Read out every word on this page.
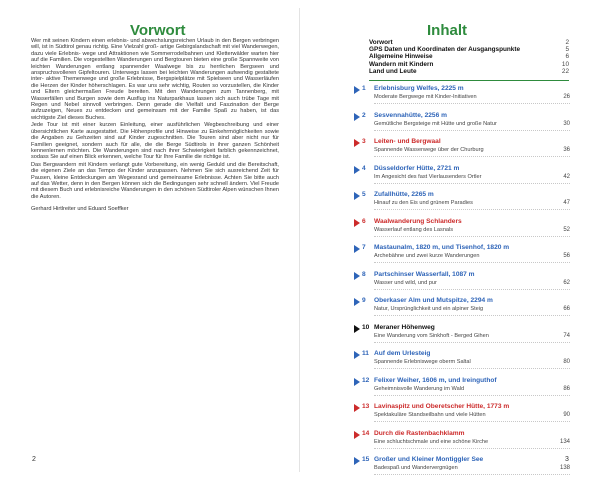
Vorwort

Wer mit seinen Kindern einen erlebnis- und abwechslungsreichen Urlaub in den Bergen verbringen will, ist in Südtirol genau richtig. Eine Vielzahl groß- artige Gebirgslandschaft mit viel Wanderwegen, dazu viele Erlebnis- wege und Attraktionen wie Sommerrodelbahnen und Kletterwälder warten hier auf die Familien. Die vorgestellten Wanderungen und Bergtouren bieten eine große Spannweite von leichten Wanderungen entlang spannender Waalwege bis zu herrlichen Bergseen und anspruchsvolleren Gipfeltouren. Unterwegs lassen bei leichten Wanderungen aufwendig gestaltete inter- aktive Themenwege und große Erlebnisse, Bergspielplätze mit Spielseen und Wasserläufen die Herzen der Kinder höherschlagen. Es war uns sehr wichtig, Routen so vorzustellen, die Kinder und Eltern gleichermaßen Freude bereiten. Mit den Wanderungen zum Tannenberg, mit Wasserfällen und Burgen sowie dem Ausflug ins Naturparkhaus lassen sich auch trübe Tage mit Regen und Nebel sinnvoll verbringen. Denn gerade die Vielfalt und Faszination der Berge aufzuzeigen, Neues zu entdecken und gemeinsam mit der Familie Spaß zu haben, ist das wichtigste Ziel dieses Buches.

Jede Tour ist mit einer kurzen Einleitung, einer ausführlichen Wegbeschreibung und einer übersichtlichen Karte ausgestattet. Die Höhenprofile und Hinweise zu Einkehrmöglichkeiten sowie die Angaben zu Gehzeiten sind auf Kinder zugeschnitten. Die Touren sind aber nicht nur für Familien geeignet, sondern auch für alle, die die Berge Südtirols in ihrer ganzen Schönheit kennenlernen möchten. Die Wanderungen sind nach ihrer Schwierigkeit farblich gekennzeichnet, sodass Sie auf einen Blick erkennen, welche Tour für Ihre Familie die richtige ist.

Das Bergwandern mit Kindern verlangt gute Vorbereitung, ein wenig Geduld und die Bereitschaft, die eigenen Ziele an das Tempo der Kinder anzupassen. Nehmen Sie sich ausreichend Zeit für Pausen, kleine Entdeckungen am Wegesrand und gemeinsame Erlebnisse. Achten Sie bitte auch auf das Wetter, denn in den Bergen können sich die Bedingungen sehr schnell ändern. Viel Freude mit diesem Buch und erlebnisreiche Wanderungen in den schönen Südtiroler Alpen wünschen Ihnen die Autoren.

Gerhard Hirtlreiter und Eduard Soeffker

2
Inhalt
Vorwort	2
GPS Daten und Koordinaten der Ausgangspunkte	5
Allgemeine Hinweise	6
Wandern mit Kindern	10
Land und Leute	22
1	Erlebnisburg Welfes, 2225 m
Moderate Bergwege mit Kinder-Initiativen	26
2	Sesvennahütte, 2256 m
Gemütliche Bergsteige mit Hütte und große Natur	30
3	Leiten- und Bergwaal
Spannende Wasserwege über der Churburg	36
4	Düsseldorfer Hütte, 2721 m
Im Angesicht des fast Vierlausenders Ortler	42
5	Zufallhütte, 2265 m
Hinauf zu den Eis und grünem Paradies	47
6	Waalwanderung Schlanders
Wasserlauf entlang des Lasnals	52
7	Mastaunalm, 1820 m, und Tisenhof, 1820 m
Archebähne und zwei kurze Wanderungen	56
8	Partschinser Wasserfall, 1087 m
Wasser und wild, und pur	62
9	Oberkaser Alm und Mutspitze, 2294 m
Natur, Ursprünglichkeit und ein alpiner Steig	66
10 Meraner Höhenweg
Eine Wanderung vom Sinkhoft - Berged Gihen	74
11 Auf dem Urlesteig
Spannende Erlebniswege oberm Saltal	80
12 Felixer Weiher, 1606 m, und Ireinguthof
Geheimnisvolle Wanderung im Wald	86
13 Lavinaspitz und Oberetscher Hütte, 1773 m
Spektakuläre Standseilbahn und viele Hütten	90
14 Durch die Rastenbachklamm
Eine schluchtschmale und eine schöne Kirche	134
15 Großer und Kleiner Montiggler See
Badespaß und Wandervergnügen	138
3
